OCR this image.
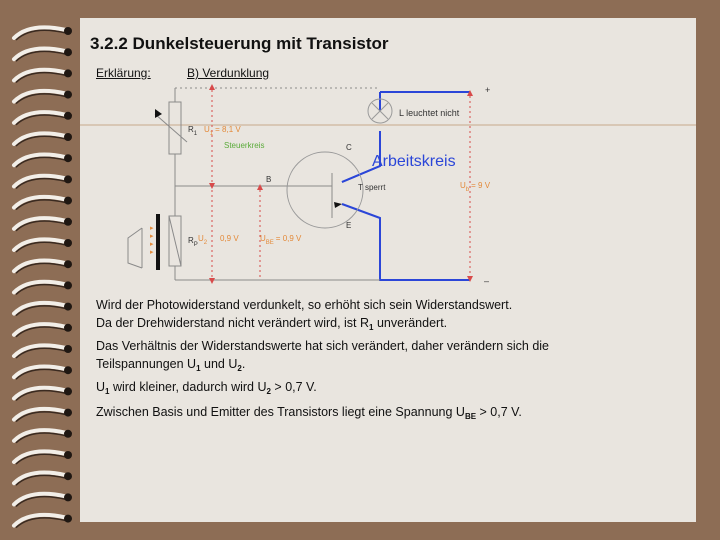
3.2.2 Dunkelsteuerung mit Transistor
Erklärung:	B) Verdunklung
▸
▸
▸
▸
+
–
L leuchtet nicht
$R_1$ $U_1 = 8,1$ V
Steuerkreis	C
Arbeitskreis
B
T sperrt	$U_b = 9$ V
E
$R_P$
$U_2$ 0,9 V	$U_{BE} = 0,9$ V

Wird der Photowiderstand verdunkelt, so erhöht sich sein Widerstandswert.

Da der Drehwiderstand nicht verändert wird, ist $R_1$ unverändert.

Das Verhältnis der Widerstandswerte hat sich verändert, daher verändern sich die

Teilspannungen $U_1$ und $U_2$.

$U_1$ wird kleiner, dadurch wird $U_2 > 0,7$ V.

Zwischen Basis und Emitter des Transistors liegt eine Spannung $U_{BE} > 0,7$ V.
